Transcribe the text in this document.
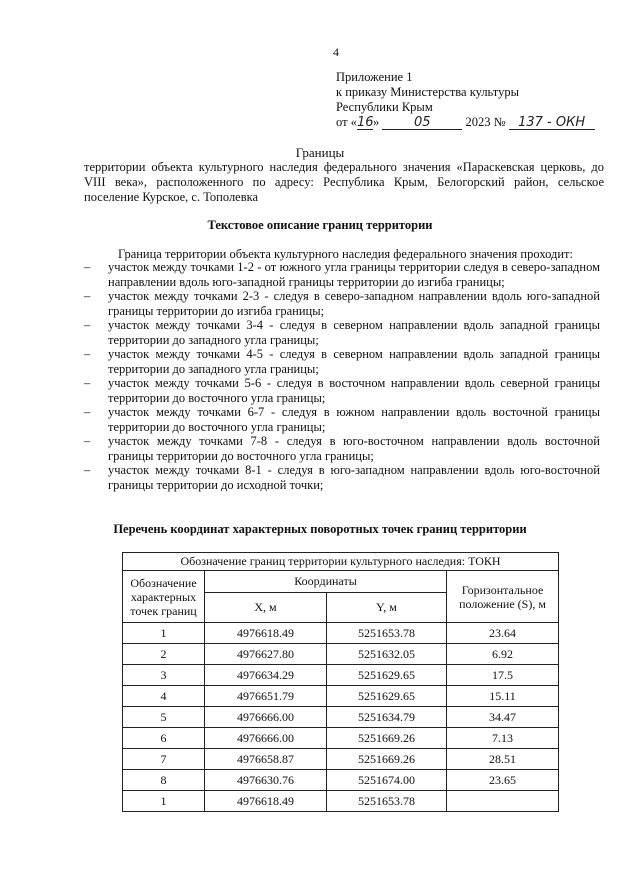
4
Приложение 1
к приказу Министерства культуры
Республики Крым
от «16»	05	2023 № 137 - ОКН
Границы
территории объекта культурного наследия федерального значения «Параскевская церковь, до VIII века», расположенного по адресу: Республика Крым, Белогорский район, сельское поселение Курское, с. Тополевка
Текстовое описание границ территории
Граница территории объекта культурного наследия федерального значения проходит:
– участок между точками 1-2 - от южного угла границы территории следуя в северо-западном направлении вдоль юго-западной границы территории до изгиба границы;
– участок между точками 2-3 - следуя в северо-западном направлении вдоль юго-западной границы территории до изгиба границы;
– участок между точками 3-4 - следуя в северном направлении вдоль западной границы территории до западного угла границы;
– участок между точками 4-5 - следуя в северном направлении вдоль западной границы территории до западного угла границы;
– участок между точками 5-6 - следуя в восточном направлении вдоль северной границы территории до восточного угла границы;
– участок между точками 6-7 - следуя в южном направлении вдоль восточной границы территории до восточного угла границы;
– участок между точками 7-8 - следуя в юго-восточном направлении вдоль восточной границы территории до восточного угла границы;
– участок между точками 8-1 - следуя в юго-западном направлении вдоль юго-восточной границы территории до исходной точки;
Перечень координат характерных поворотных точек границ территории
Обозначение границ территории культурного наследия: ТОКН			
Обозначение характерных точек границ	Координаты		Горизонтальное положение (S), м
	X, м	Y, м	
1	4976618.49	5251653.78	23.64
2	4976627.80	5251632.05	6.92
3	4976634.29	5251629.65	17.5
4	4976651.79	5251629.65	15.11
5	4976666.00	5251634.79	34.47
6	4976666.00	5251669.26	7.13
7	4976658.87	5251669.26	28.51
8	4976630.76	5251674.00	23.65
1	4976618.49	5251653.78	
